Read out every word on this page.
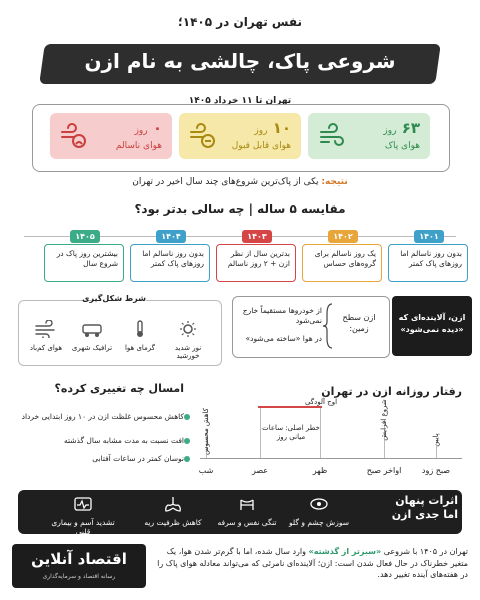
نفس تهران در ۱۴۰۵؛
شروعی پاک، چالشی به نام ازن
تهران تا ۱۱ خرداد ۱۴۰۵
۶۳ روز
هوای پاک
۱۰ روز
هوای قابل قبول
۰ روز
هوای ناسالم
نتیجه: یکی از پاک‌ترین شروع‌های چند سال اخیر در تهران
مقایسه ۵ ساله | چه سالی بدتر بود؟
۱۴۰۱
بدون روز ناسالم اما روزهای پاک کمتر
۱۴۰۲
یک روز ناسالم برای گروه‌های حساس
۱۴۰۳
بدترین سال از نظر ازن + ۲ روز ناسالم
۱۴۰۴
بدون روز ناسالم اما روزهای پاک کمتر
۱۴۰۵
بیشترین روز پاک در شروع سال
ازن، آلاینده‌ای که «دیده نمی‌شود»
ازن سطح زمین:
از خودروها مستقیماً خارج نمی‌شود
در هوا «ساخته می‌شود»
شرط شکل‌گیری
نور شدید خورشید
گرمای هوا
ترافیک شهری
هوای کم‌باد
رفتار روزانه ازن در تهران
صبح زود
پایین
اواخر صبح
شروع افزایش
ظهر
عصر
شب
کاهش محسوس
اوج آلودگی
خطر اصلی: ساعات میانی روز
امسال چه تغییری کرده؟
کاهش محسوس غلظت ازن در ۱۰ روز ابتدایی خرداد
افت نسبت به مدت مشابه سال گذشته
نوسان کمتر در ساعات آفتابی
اثرات پنهان
اما جدی ازن
سوزش چشم و گلو
تنگی نفس و سرفه
کاهش ظرفیت ریه
تشدید آسم و بیماری قلبی
اقتصاد آنلاین
رسانه اقتصاد و سرمایه‌گذاری
تهران در ۱۴۰۵ با شروعی «سبزتر از گذشته» وارد سال شده، اما با گرم‌تر شدن هوا، یک متغیر خطرناک در حال فعال شدن است: ازن؛ آلاینده‌ای نامرئی که می‌تواند معادله هوای پاک را در هفته‌های آینده تغییر دهد.
